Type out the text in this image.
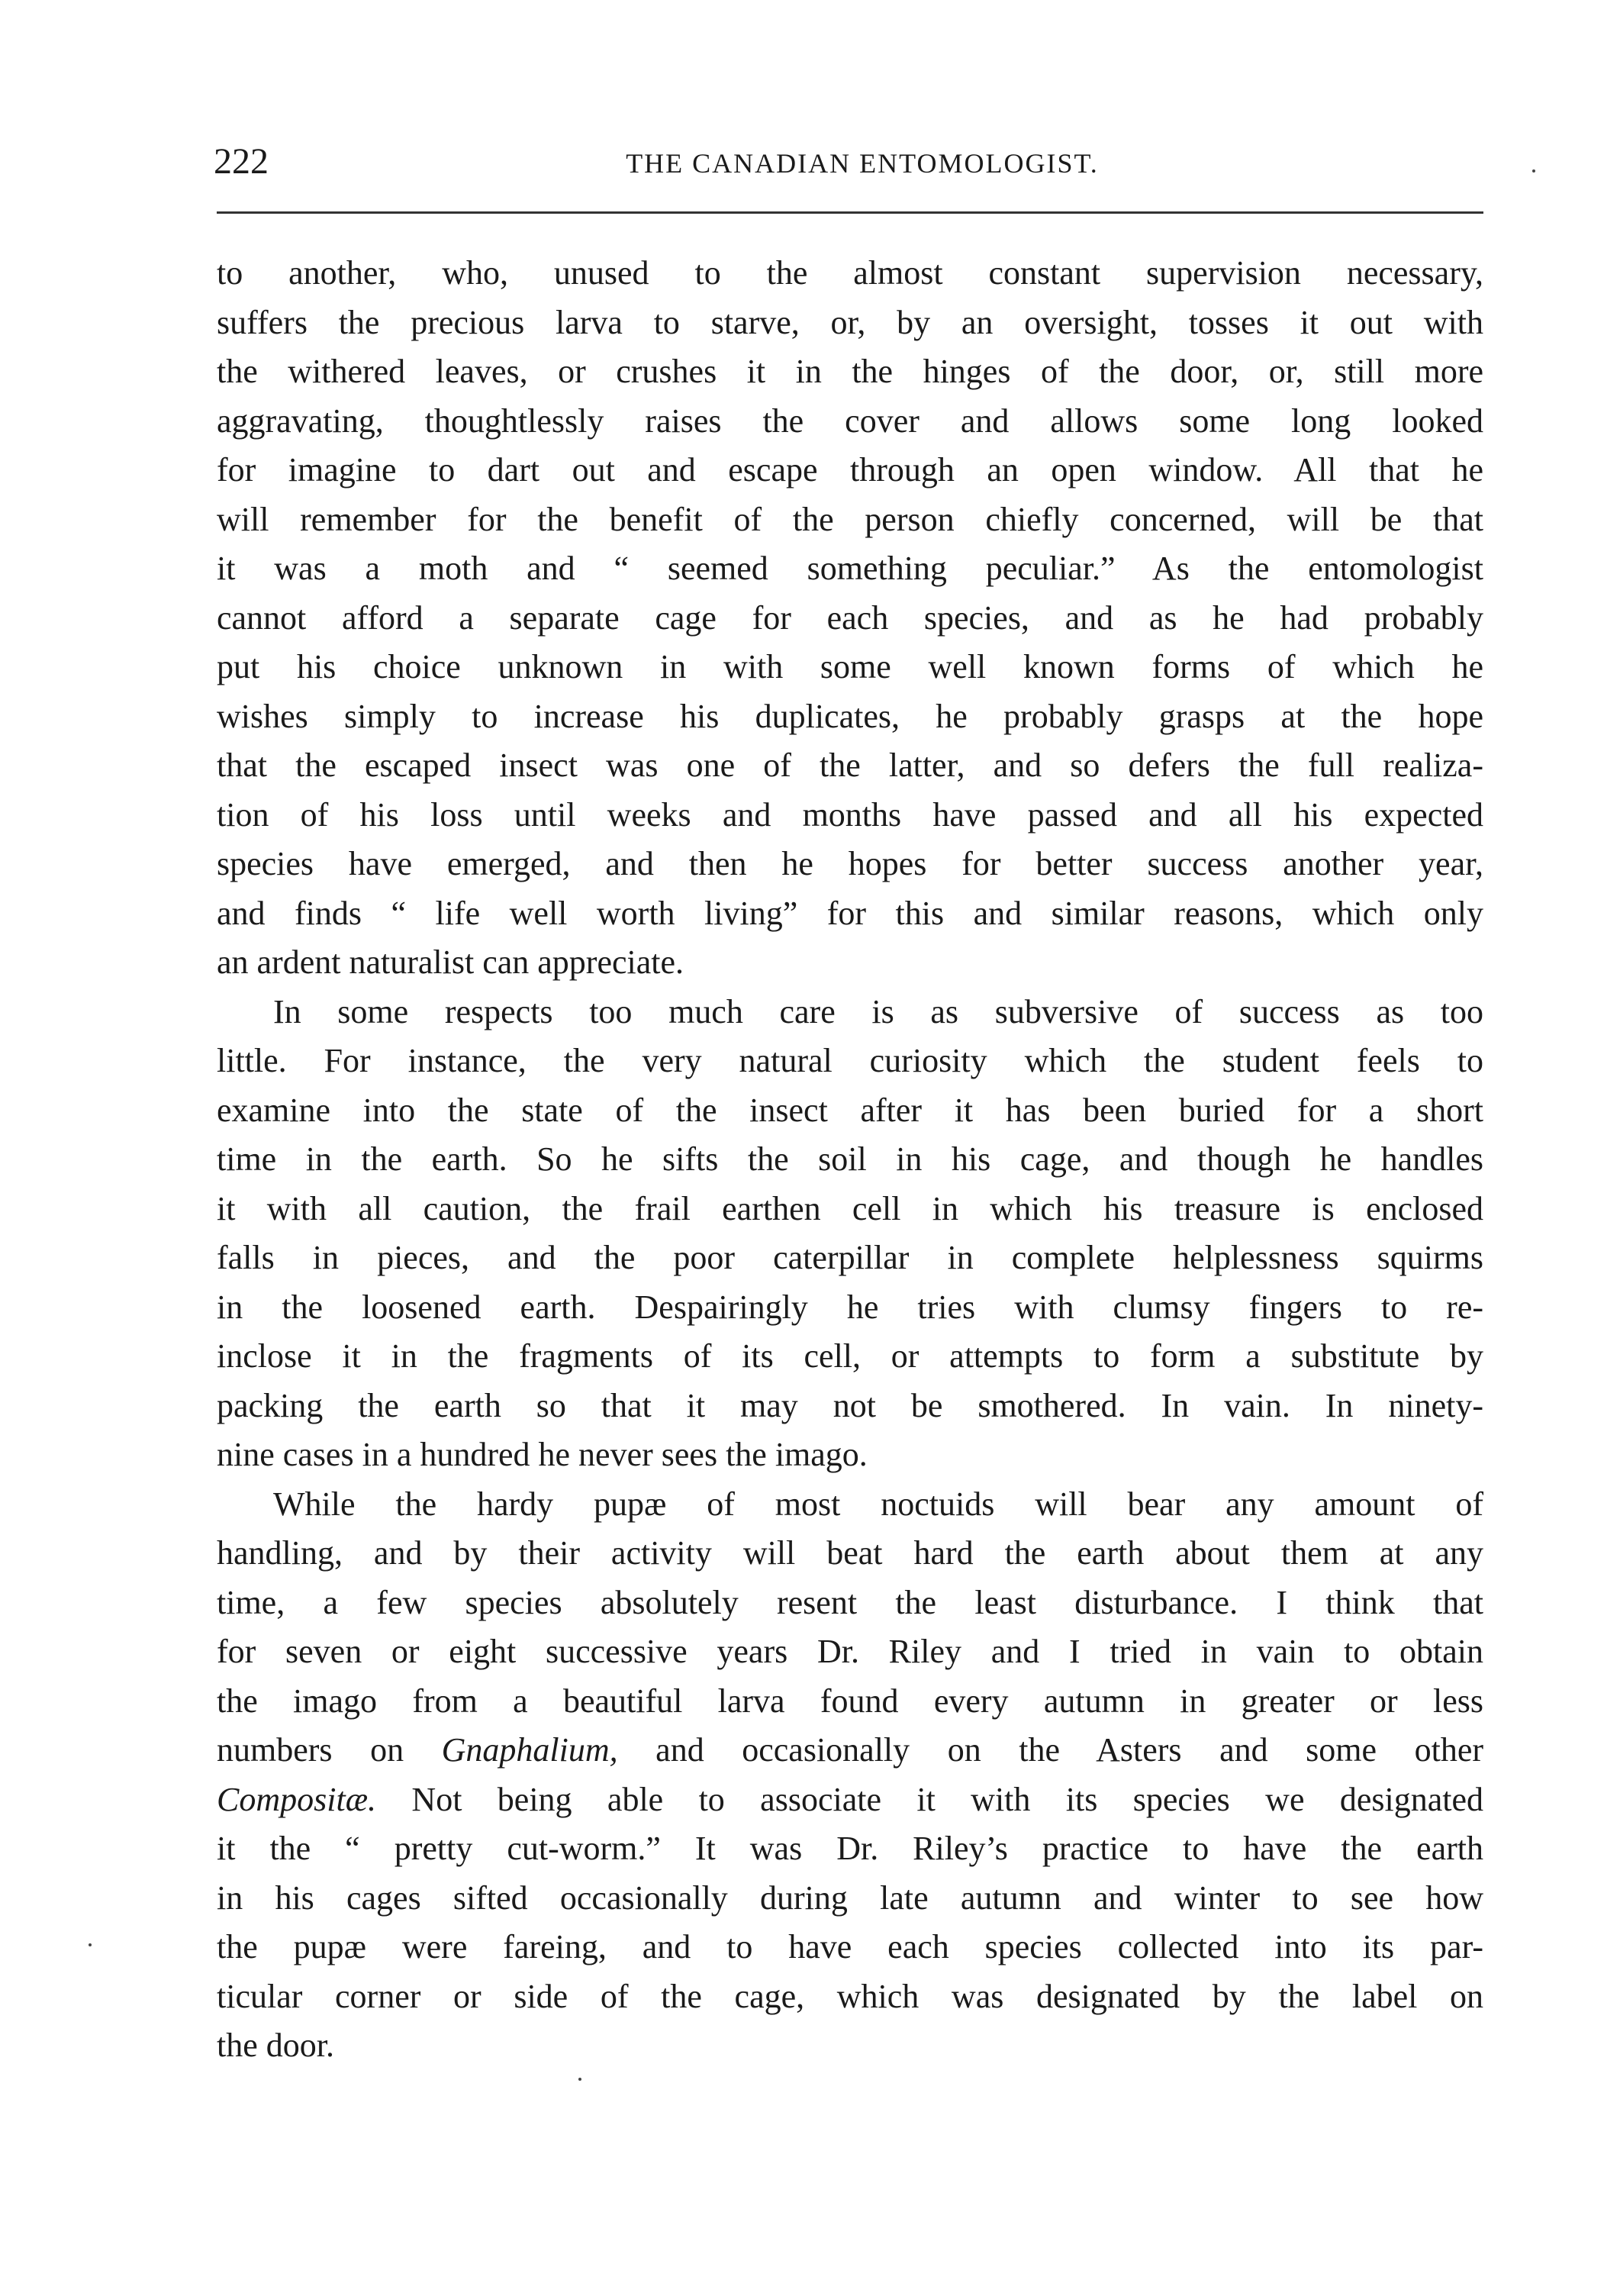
222	THE CANADIAN ENTOMOLOGIST.
to another, who, unused to the almost constant supervision necessary,
suffers the precious larva to starve, or, by an oversight, tosses it out with
the withered leaves, or crushes it in the hinges of the door, or, still more
aggravating, thoughtlessly raises the cover and allows some long looked
for imagine to dart out and escape through an open window. All that he
will remember for the benefit of the person chiefly concerned, will be that
it was a moth and “ seemed something peculiar.” As the entomologist
cannot afford a separate cage for each species, and as he had probably
put his choice unknown in with some well known forms of which he
wishes simply to increase his duplicates, he probably grasps at the hope
that the escaped insect was one of the latter, and so defers the full realiza-
tion of his loss until weeks and months have passed and all his expected
species have emerged, and then he hopes for better success another year,
and finds “ life well worth living” for this and similar reasons, which only
an ardent naturalist can appreciate.
In some respects too much care is as subversive of success as too
little. For instance, the very natural curiosity which the student feels to
examine into the state of the insect after it has been buried for a short
time in the earth. So he sifts the soil in his cage, and though he handles
it with all caution, the frail earthen cell in which his treasure is enclosed
falls in pieces, and the poor caterpillar in complete helplessness squirms
in the loosened earth. Despairingly he tries with clumsy fingers to re-
inclose it in the fragments of its cell, or attempts to form a substitute by
packing the earth so that it may not be smothered. In vain. In ninety-
nine cases in a hundred he never sees the imago.
While the hardy pupæ of most noctuids will bear any amount of
handling, and by their activity will beat hard the earth about them at any
time, a few species absolutely resent the least disturbance. I think that
for seven or eight successive years Dr. Riley and I tried in vain to obtain
the imago from a beautiful larva found every autumn in greater or less
numbers on Gnaphalium, and occasionally on the Asters and some other
Compositæ. Not being able to associate it with its species we designated
it the “ pretty cut-worm.” It was Dr. Riley’s practice to have the earth
in his cages sifted occasionally during late autumn and winter to see how
the pupæ were fareing, and to have each species collected into its par-
ticular corner or side of the cage, which was designated by the label on
the door.
